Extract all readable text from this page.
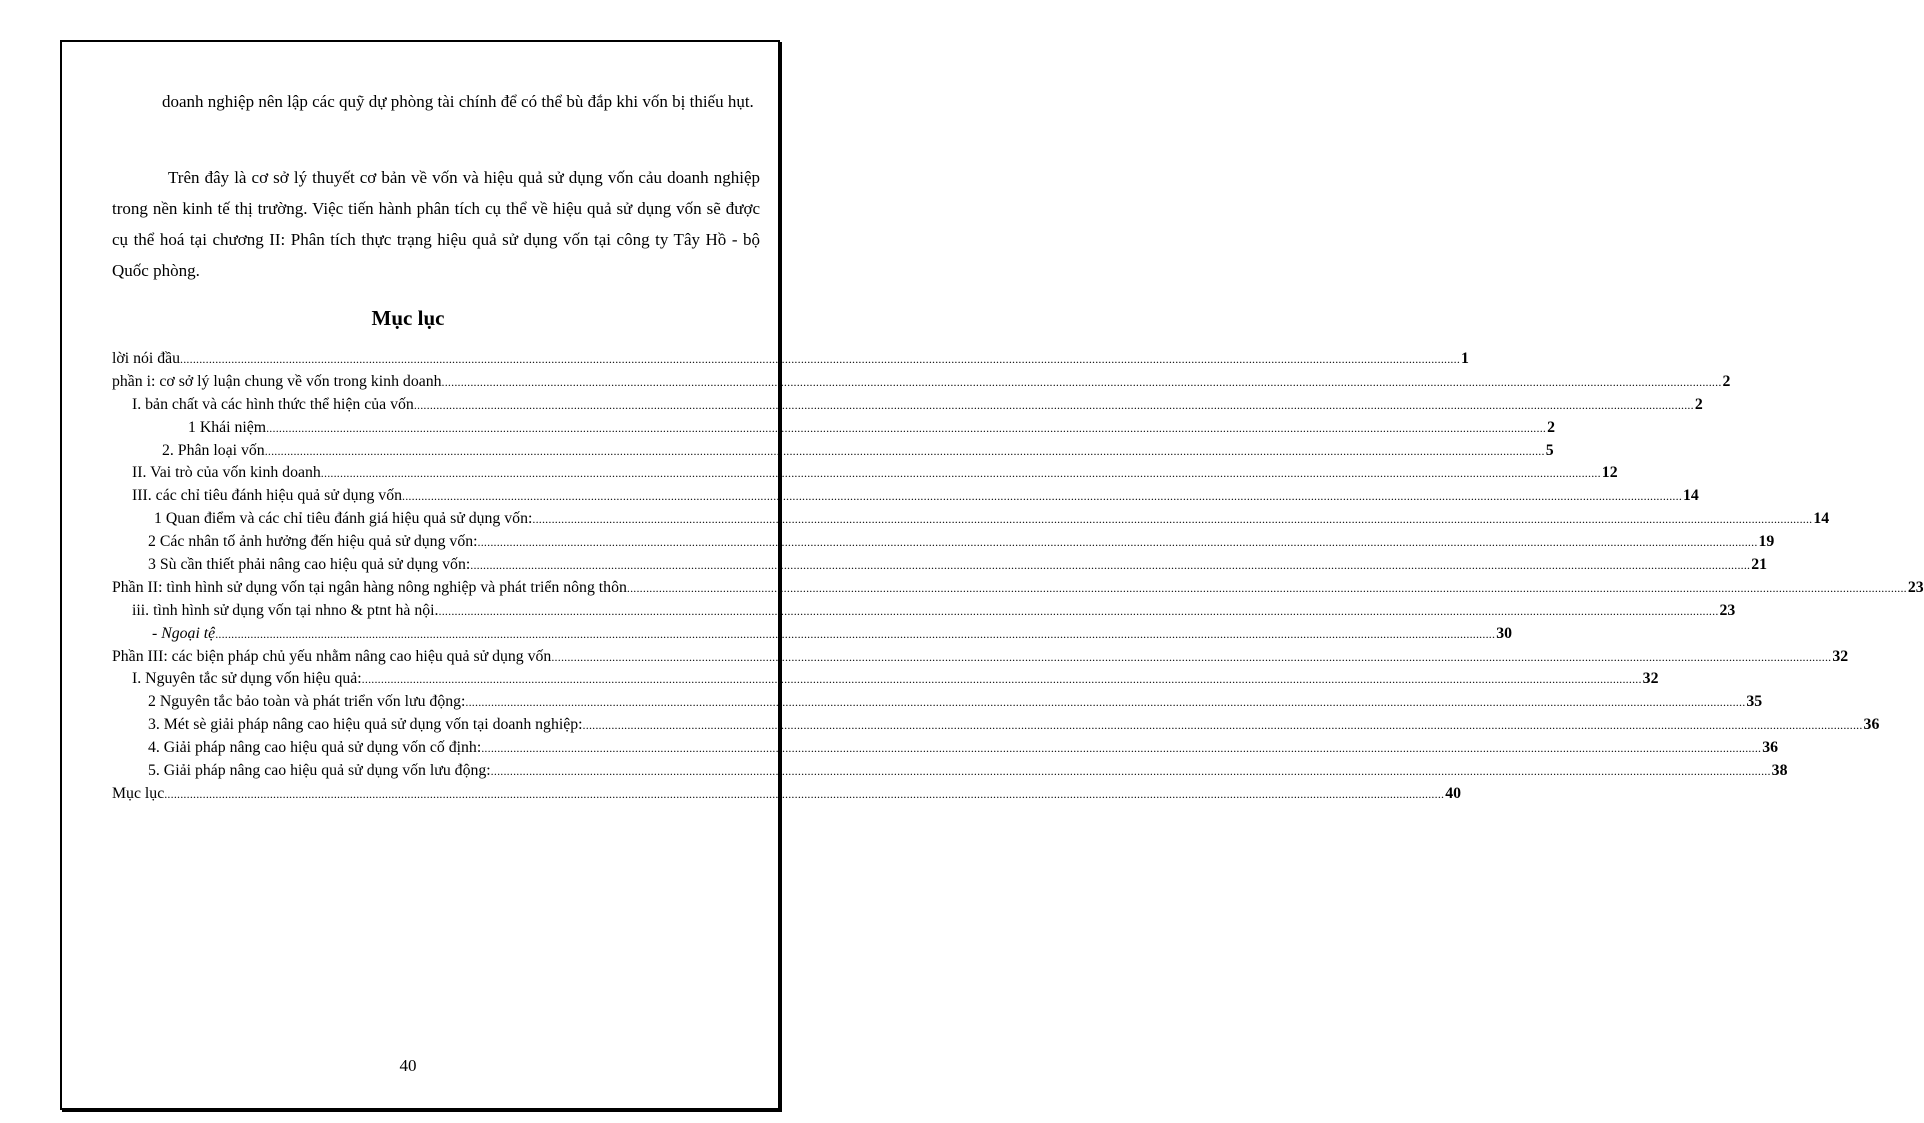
doanh nghiệp nên lập các quỹ dự phòng tài chính để có thể bù đắp khi vốn bị thiếu hụt.

Trên đây là cơ sở lý thuyết cơ bản về vốn và hiệu quả sử dụng vốn cảu doanh nghiệp trong nền kinh tế thị trường. Việc tiến hành phân tích cụ thể về hiệu quả sử dụng vốn sẽ được cụ thể hoá tại chương II: Phân tích thực trạng hiệu quả sử dụng vốn tại công ty Tây Hồ - bộ Quốc phòng.

Mục lục
lời nói đầu ................................................................................................................................................................................................................................................................................................................................................................................................................ 1
phần i: cơ sở lý luận chung về vốn trong kinh doanh ................................................................................................................................................................................................................................................................................................................................................................................................................ 2
I. bản chất và các hình thức thể hiện của vốn ................................................................................................................................................................................................................................................................................................................................................................................................................ 2
1 Khái niệm ................................................................................................................................................................................................................................................................................................................................................................................................................ 2
2. Phân loại vốn ................................................................................................................................................................................................................................................................................................................................................................................................................ 5
II. Vai trò của vốn kinh doanh ................................................................................................................................................................................................................................................................................................................................................................................................................ 12
III. các chỉ tiêu đánh hiệu quả sử dụng vốn ................................................................................................................................................................................................................................................................................................................................................................................................................ 14
1 Quan điểm và các chỉ tiêu đánh giá hiệu quả sử dụng vốn: ................................................................................................................................................................................................................................................................................................................................................................................................................ 14
2 Các nhân tố ảnh hưởng đến hiệu quả sử dụng vốn: ................................................................................................................................................................................................................................................................................................................................................................................................................ 19
3 Sù cần thiết phải nâng cao hiệu quả sử dụng vốn: ................................................................................................................................................................................................................................................................................................................................................................................................................ 21
Phần II: tình hình sử dụng vốn tại ngân hàng nông nghiệp và phát triển nông thôn ................................................................................................................................................................................................................................................................................................................................................................................................................ 23
iii. tình hình sử dụng vốn tại nhno & ptnt hà nội. ................................................................................................................................................................................................................................................................................................................................................................................................................ 23
- Ngoại tệ ................................................................................................................................................................................................................................................................................................................................................................................................................ 30
Phần III: các biện pháp chủ yếu nhằm nâng cao hiệu quả sử dụng vốn ................................................................................................................................................................................................................................................................................................................................................................................................................ 32
I. Nguyên tắc sử dụng vốn hiệu quả: ................................................................................................................................................................................................................................................................................................................................................................................................................ 32
2 Nguyên tắc bảo toàn và phát triển vốn lưu động: ................................................................................................................................................................................................................................................................................................................................................................................................................ 35
3. Mét sè giải pháp nâng cao hiệu quả sử dụng vốn tại doanh nghiệp: ................................................................................................................................................................................................................................................................................................................................................................................................................ 36
4. Giải pháp nâng cao hiệu quả sử dụng vốn cố định: ................................................................................................................................................................................................................................................................................................................................................................................................................ 36
5. Giải pháp nâng cao hiệu quả sử dụng vốn lưu động: ................................................................................................................................................................................................................................................................................................................................................................................................................ 38
Mục lục ................................................................................................................................................................................................................................................................................................................................................................................................................ 40
40
